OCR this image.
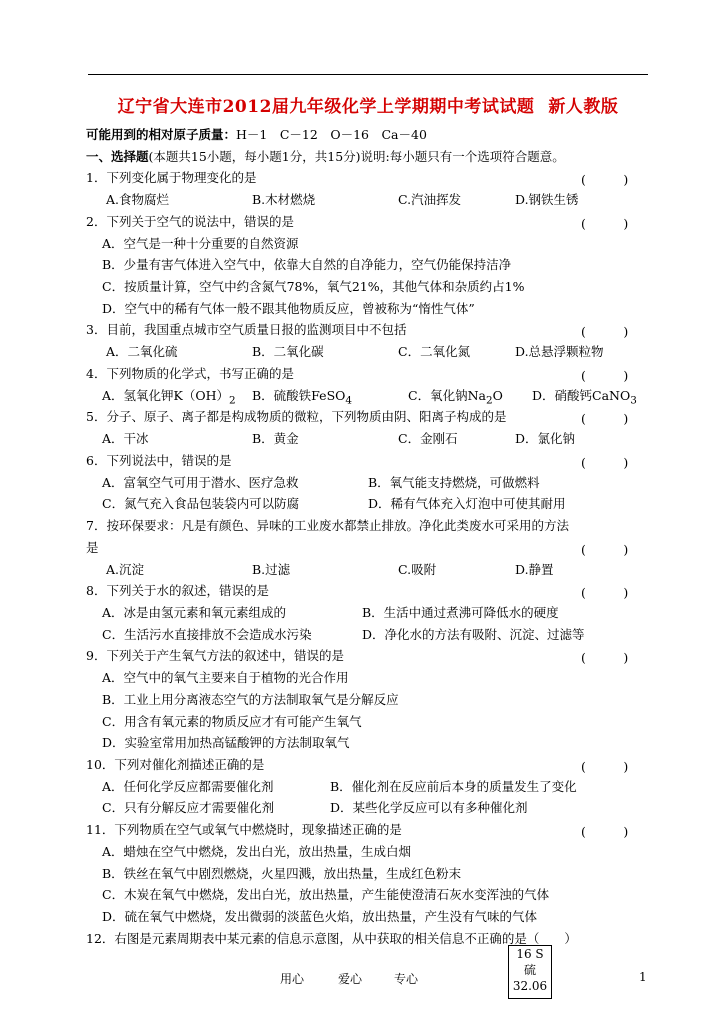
辽宁省大连市2012届九年级化学上学期期中考试试题 新人教版
可能用到的相对原子质量：H－1　C－12　O－16　Ca－40
一、选择题(本题共15小题，每小题1分，共15分)说明:每小题只有一个选项符合题意。
1．下列变化属于物理变化的是	(　　　)
A.食物腐烂	B.木材燃烧	C.汽油挥发	D.钢铁生锈
2．下列关于空气的说法中，错误的是	(　　　)
A．空气是一种十分重要的自然资源
B．少量有害气体进入空气中，依靠大自然的自净能力，空气仍能保持洁净
C．按质量计算，空气中约含氮气78%，氧气21%，其他气体和杂质约占1%
D．空气中的稀有气体一般不跟其他物质反应，曾被称为“惰性气体”
3．目前，我国重点城市空气质量日报的监测项目中不包括	(　　　)
A．二氧化硫	B．二氧化碳	C．二氧化氮	D.总悬浮颗粒物
4．下列物质的化学式，书写正确的是	(　　　)
A．氢氧化钾$K(OH)_2$ B．硫酸铁FeSO$_4$	C．氧化钠$Na_2O$ D．硝酸钙CaNO$_3$
5．分子、原子、离子都是构成物质的微粒，下列物质由阴、阳离子构成的是	(　　　)
A．干冰	B．黄金	C．金刚石	D．氯化钠
6．下列说法中，错误的是	(　　　)
A．富氧空气可用于潜水、医疗急救	B．氧气能支持燃烧，可做燃料
C．氮气充入食品包装袋内可以防腐	D．稀有气体充入灯泡中可使其耐用
7．按环保要求：凡是有颜色、异味的工业废水都禁止排放。净化此类废水可采用的方法
是	(　　　)
A.沉淀	B.过滤	C.吸附	D.静置
8．下列关于水的叙述，错误的是	(　　　)
A．冰是由氢元素和氧元素组成的	B．生活中通过煮沸可降低水的硬度
C．生活污水直接排放不会造成水污染	D．净化水的方法有吸附、沉淀、过滤等
9．下列关于产生氧气方法的叙述中，错误的是	(　　　)
A．空气中的氧气主要来自于植物的光合作用
B．工业上用分离液态空气的方法制取氧气是分解反应
C．用含有氧元素的物质反应才有可能产生氧气
D．实验室常用加热高锰酸钾的方法制取氧气
10．下列对催化剂描述正确的是	(　　　)
A．任何化学反应都需要催化剂	B．催化剂在反应前后本身的质量发生了变化
C．只有分解反应才需要催化剂	D．某些化学反应可以有多种催化剂
11．下列物质在空气或氧气中燃烧时，现象描述正确的是	(　　　)
A．蜡烛在空气中燃烧，发出白光，放出热量，生成白烟
B．铁丝在氧气中剧烈燃烧，火星四溅，放出热量，生成红色粉末
C．木炭在氧气中燃烧，发出白光，放出热量，产生能使澄清石灰水变浑浊的气体
D．硫在氧气中燃烧，发出微弱的淡蓝色火焰，放出热量，产生没有气味的气体
12．右图是元素周期表中某元素的信息示意图，从中获取的相关信息不正确的是（　　）
16 S
硫
32.06
用心	爱心	专心	1
